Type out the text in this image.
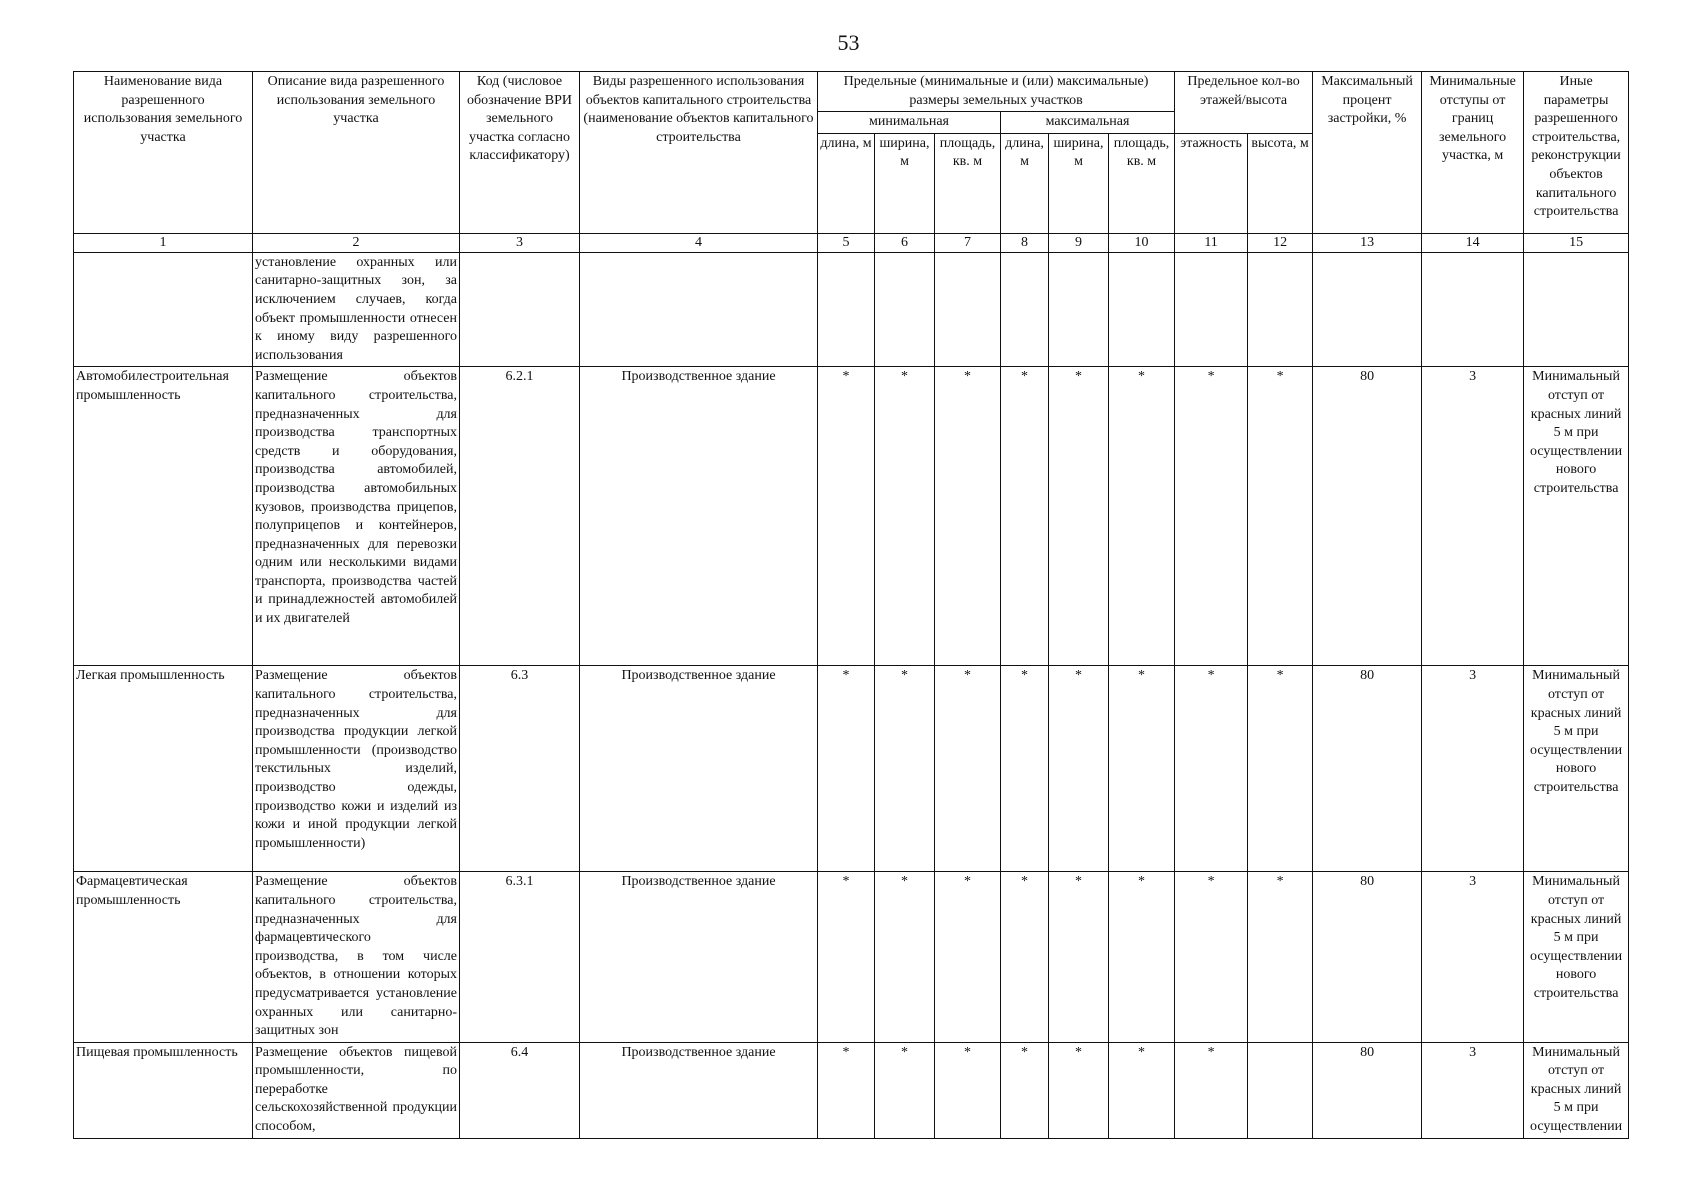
53
Наименование вида разрешенного использования земельного участка	Описание вида разрешенного использования земельного участка	Код (числовое обозначение ВРИ земельного участка согласно классификатору)	Виды разрешенного использования объектов капитального строительства (наименование объектов капитального строительства	Предельные (минимальные и (или) максимальные) размеры земельных участков						Предельное кол-во этажей/высота		Максимальный процент застройки, %	Минимальные отступы от границ земельного участка, м	Иные параметры разрешенного строительства, реконструкции объектов капитального строительства
				минимальная			максимальная							
				длина, м	ширина, м	площадь, кв. м	длина, м	ширина, м	площадь, кв. м	этажность	высота, м			
1	2	3	4	5	6	7	8	9	10	11	12	13	14	15
	установление охранных или санитарно-защитных зон, за исключением случаев, когда объект промышленности отнесен к иному виду разрешенного использования													
Автомобилестроительная промышленность	Размещение объектов капитального строительства, предназначенных для производства транспортных средств и оборудования, производства автомобилей, производства автомобильных кузовов, производства прицепов, полуприцепов и контейнеров, предназначенных для перевозки одним или несколькими видами транспорта, производства частей и принадлежностей автомобилей и их двигателей	6.2.1	Производственное здание	*	*	*	*	*	*	*	*	80	3	Минимальный отступ от красных линий 5 м при осуществлении нового строительства
Легкая промышленность	Размещение объектов капитального строительства, предназначенных для производства продукции легкой промышленности (производство текстильных изделий, производство одежды, производство кожи и изделий из кожи и иной продукции легкой промышленности)	6.3	Производственное здание	*	*	*	*	*	*	*	*	80	3	Минимальный отступ от красных линий 5 м при осуществлении нового строительства
Фармацевтическая промышленность	Размещение объектов капитального строительства, предназначенных для фармацевтического производства, в том числе объектов, в отношении которых предусматривается установление охранных или санитарно-защитных зон	6.3.1	Производственное здание	*	*	*	*	*	*	*	*	80	3	Минимальный отступ от красных линий 5 м при осуществлении нового строительства
Пищевая промышленность	Размещение объектов пищевой промышленности, по переработке сельскохозяйственной продукции способом,	6.4	Производственное здание	*	*	*	*	*	*	*		80	3	Минимальный отступ от красных линий 5 м при осуществлении
